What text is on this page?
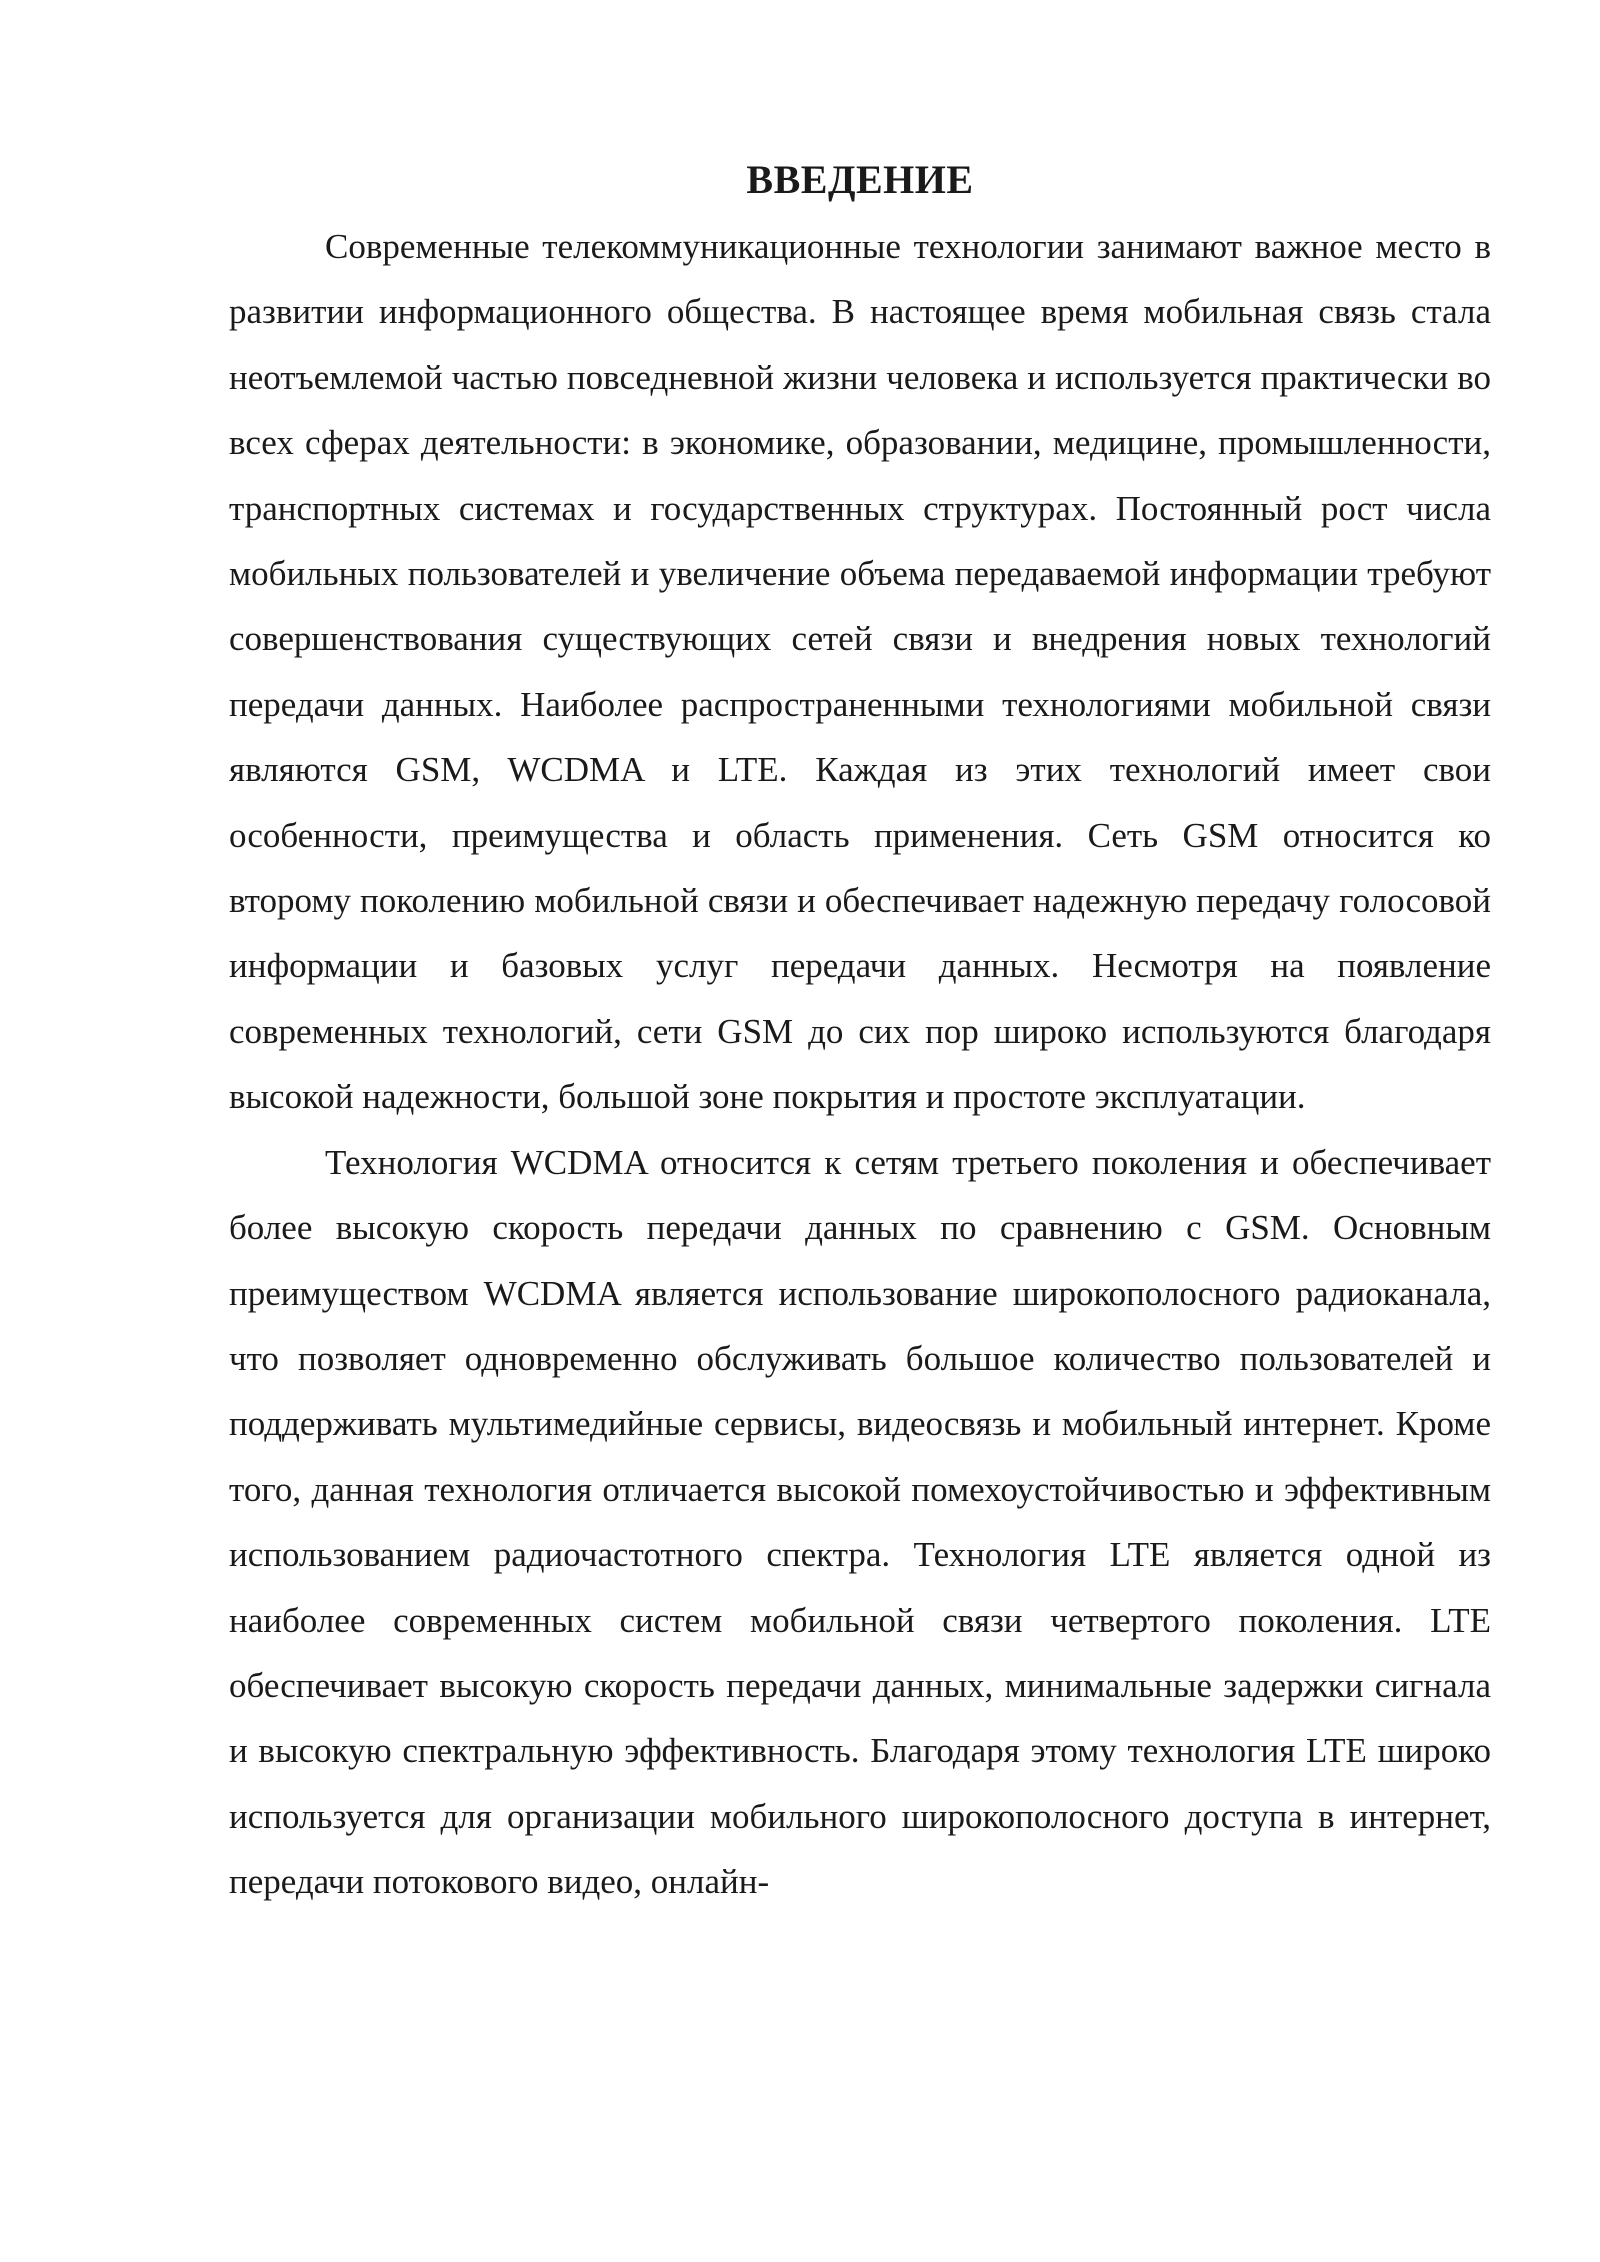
ВВЕДЕНИЕ

Современные телекоммуникационные технологии занимают важное место в развитии информационного общества. В настоящее время мобильная связь стала неотъемлемой частью повседневной жизни человека и используется практически во всех сферах деятельности: в экономике, образовании, медицине, промышленности, транспортных системах и государственных структурах. Постоянный рост числа мобильных пользователей и увеличение объема передаваемой информации требуют совершенствования существующих сетей связи и внедрения новых технологий передачи данных. Наиболее распространенными технологиями мобильной связи являются GSM, WCDMA и LTE. Каждая из этих технологий имеет свои особенности, преимущества и область применения. Сеть GSM относится ко второму поколению мобильной связи и обеспечивает надежную передачу голосовой информации и базовых услуг передачи данных. Несмотря на появление современных технологий, сети GSM до сих пор широко используются благодаря высокой надежности, большой зоне покрытия и простоте эксплуатации.

Технология WCDMA относится к сетям третьего поколения и обеспечивает более высокую скорость передачи данных по сравнению с GSM. Основным преимуществом WCDMA является использование широкополосного радиоканала, что позволяет одновременно обслуживать большое количество пользователей и поддерживать мультимедийные сервисы, видеосвязь и мобильный интернет. Кроме того, данная технология отличается высокой помехоустойчивостью и эффективным использованием радиочастотного спектра. Технология LTE является одной из наиболее современных систем мобильной связи четвертого поколения. LTE обеспечивает высокую скорость передачи данных, минимальные задержки сигнала и высокую спектральную эффективность. Благодаря этому технология LTE широко используется для организации мобильного широкополосного доступа в интернет, передачи потокового видео, онлайн-
